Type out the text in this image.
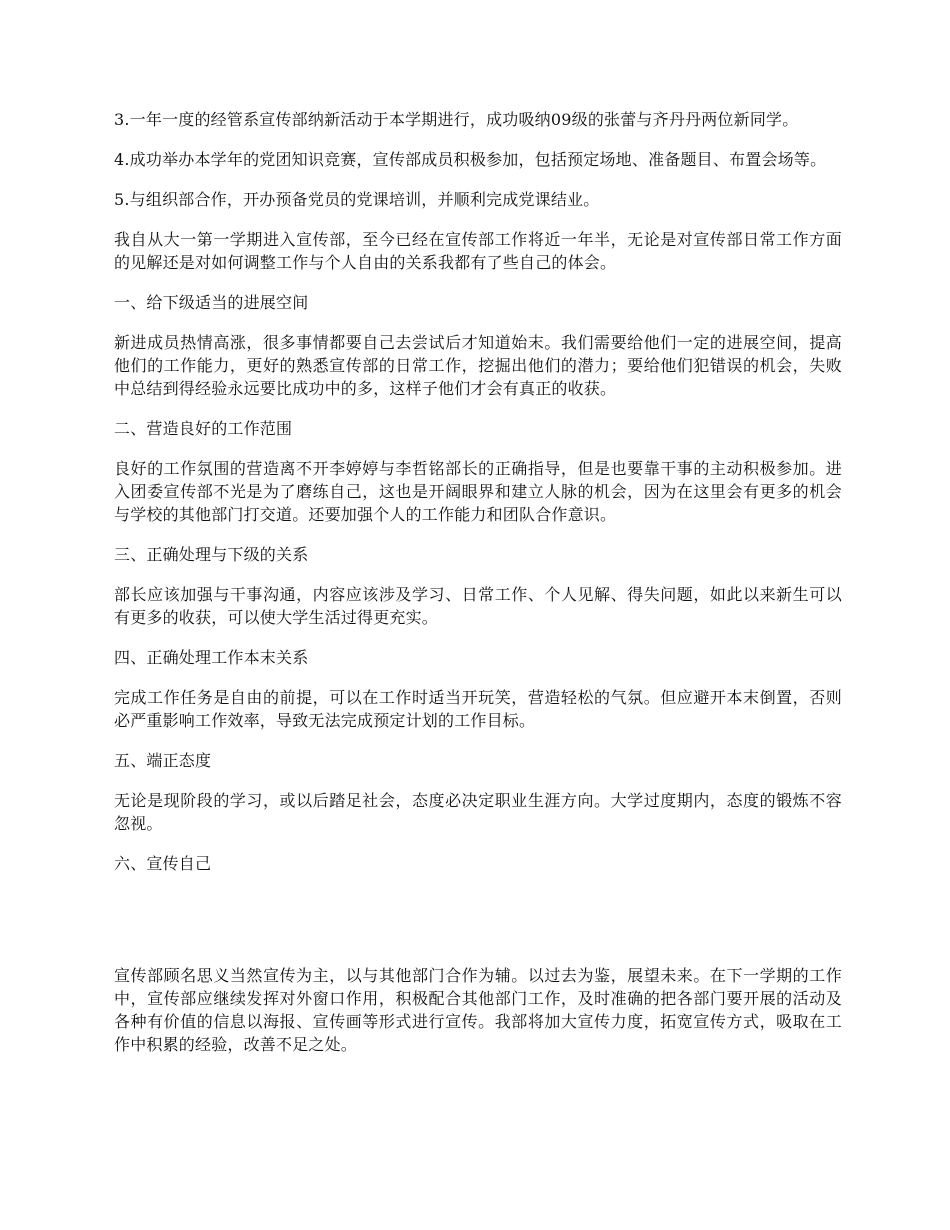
3.一年一度的经管系宣传部纳新活动于本学期进行，成功吸纳09级的张蕾与齐丹丹两位新同学。

4.成功举办本学年的党团知识竞赛，宣传部成员积极参加，包括预定场地、准备题目、布置会场等。

5.与组织部合作，开办预备党员的党课培训，并顺利完成党课结业。

我自从大一第一学期进入宣传部，至今已经在宣传部工作将近一年半，无论是对宣传部日常工作方面的见解还是对如何调整工作与个人自由的关系我都有了些自己的体会。

一、给下级适当的进展空间

新进成员热情高涨，很多事情都要自己去尝试后才知道始末。我们需要给他们一定的进展空间，提高他们的工作能力，更好的熟悉宣传部的日常工作，挖掘出他们的潜力；要给他们犯错误的机会，失败中总结到得经验永远要比成功中的多，这样子他们才会有真正的收获。

二、营造良好的工作范围

良好的工作氛围的营造离不开李婷婷与李哲铭部长的正确指导，但是也要靠干事的主动积极参加。进入团委宣传部不光是为了磨练自己，这也是开阔眼界和建立人脉的机会，因为在这里会有更多的机会与学校的其他部门打交道。还要加强个人的工作能力和团队合作意识。

三、正确处理与下级的关系

部长应该加强与干事沟通，内容应该涉及学习、日常工作、个人见解、得失问题，如此以来新生可以有更多的收获，可以使大学生活过得更充实。

四、正确处理工作本末关系

完成工作任务是自由的前提，可以在工作时适当开玩笑，营造轻松的气氛。但应避开本末倒置，否则必严重影响工作效率，导致无法完成预定计划的工作目标。

五、端正态度

无论是现阶段的学习，或以后踏足社会，态度必决定职业生涯方向。大学过度期内，态度的锻炼不容忽视。

六、宣传自己

宣传部顾名思义当然宣传为主，以与其他部门合作为辅。以过去为鉴，展望未来。在下一学期的工作中，宣传部应继续发挥对外窗口作用，积极配合其他部门工作，及时准确的把各部门要开展的活动及各种有价值的信息以海报、宣传画等形式进行宣传。我部将加大宣传力度，拓宽宣传方式，吸取在工作中积累的经验，改善不足之处。
